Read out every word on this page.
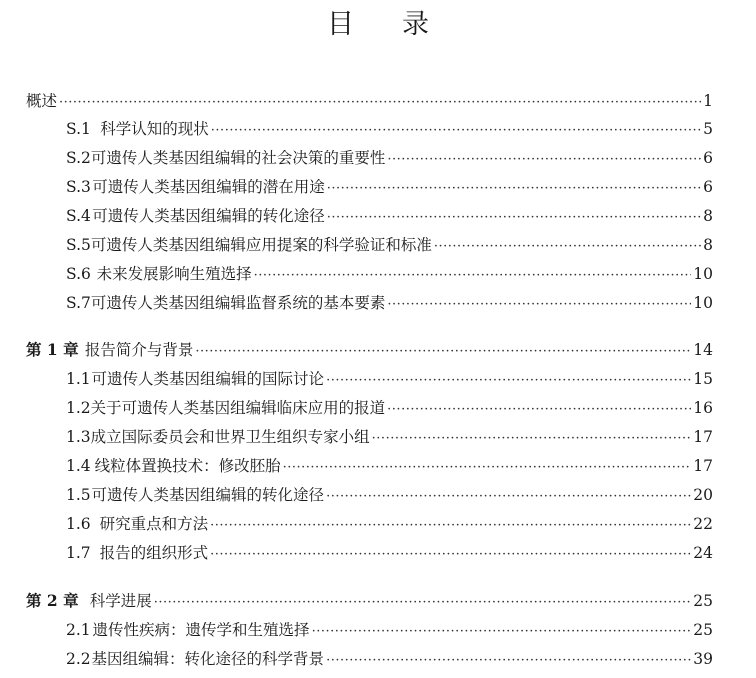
目 录
概述 ·····	1
S.1 科学认知的现状 ·····	5
S.2 可遗传人类基因组编辑的社会决策的重要性 ·····	6
S.3 可遗传人类基因组编辑的潜在用途 ·····	6
S.4 可遗传人类基因组编辑的转化途径 ·····	8
S.5 可遗传人类基因组编辑应用提案的科学验证和标准 ·····	8
S.6 未来发展影响生殖选择 ·····	10
S.7 可遗传人类基因组编辑监督系统的基本要素 ·····	10
第 1 章 报告简介与背景 ·····	14
1.1 可遗传人类基因组编辑的国际讨论 ·····	15
1.2 关于可遗传人类基因组编辑临床应用的报道 ·····	16
1.3 成立国际委员会和世界卫生组织专家小组 ·····	17
1.4 线粒体置换技术：修改胚胎 ·····	17
1.5 可遗传人类基因组编辑的转化途径 ·····	20
1.6 研究重点和方法 ·····	22
1.7 报告的组织形式 ·····	24
第 2 章 科学进展 ·····	25
2.1 遗传性疾病：遗传学和生殖选择 ·····	25
2.2 基因组编辑：转化途径的科学背景 ·····	39
